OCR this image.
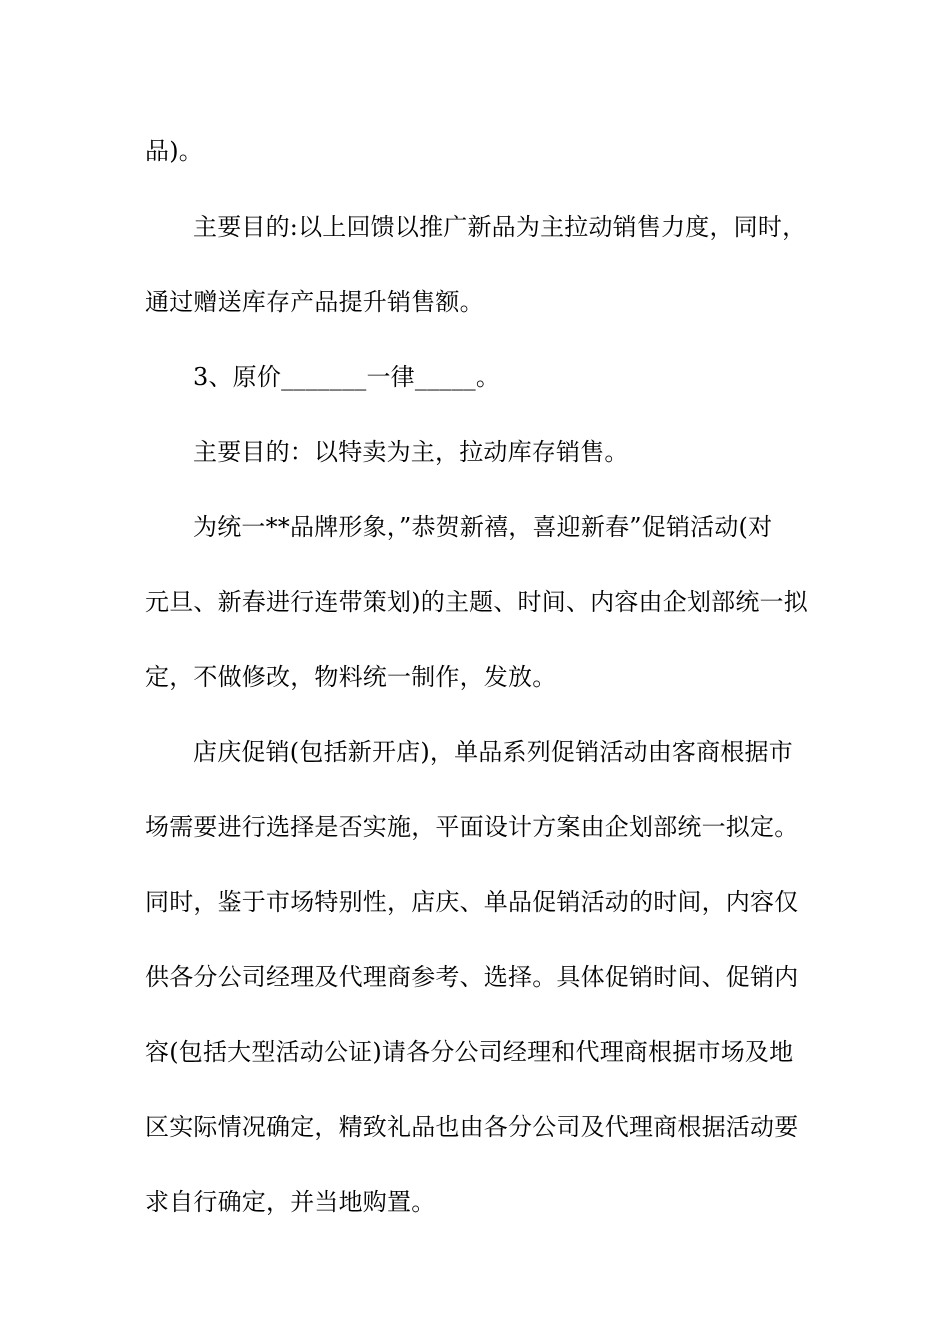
品)。
主要目的:以上回馈以推广新品为主拉动销售力度，同时，
通过赠送库存产品提升销售额。
3、原价_______一律_____。
主要目的：以特卖为主，拉动库存销售。
为统一**品牌形象，”恭贺新禧，喜迎新春”促销活动(对
元旦、新春进行连带策划)的主题、时间、内容由企划部统一拟
定，不做修改，物料统一制作，发放。
店庆促销(包括新开店)，单品系列促销活动由客商根据市
场需要进行选择是否实施，平面设计方案由企划部统一拟定。
同时，鉴于市场特别性，店庆、单品促销活动的时间，内容仅
供各分公司经理及代理商参考、选择。具体促销时间、促销内
容(包括大型活动公证)请各分公司经理和代理商根据市场及地
区实际情况确定，精致礼品也由各分公司及代理商根据活动要
求自行确定，并当地购置。
